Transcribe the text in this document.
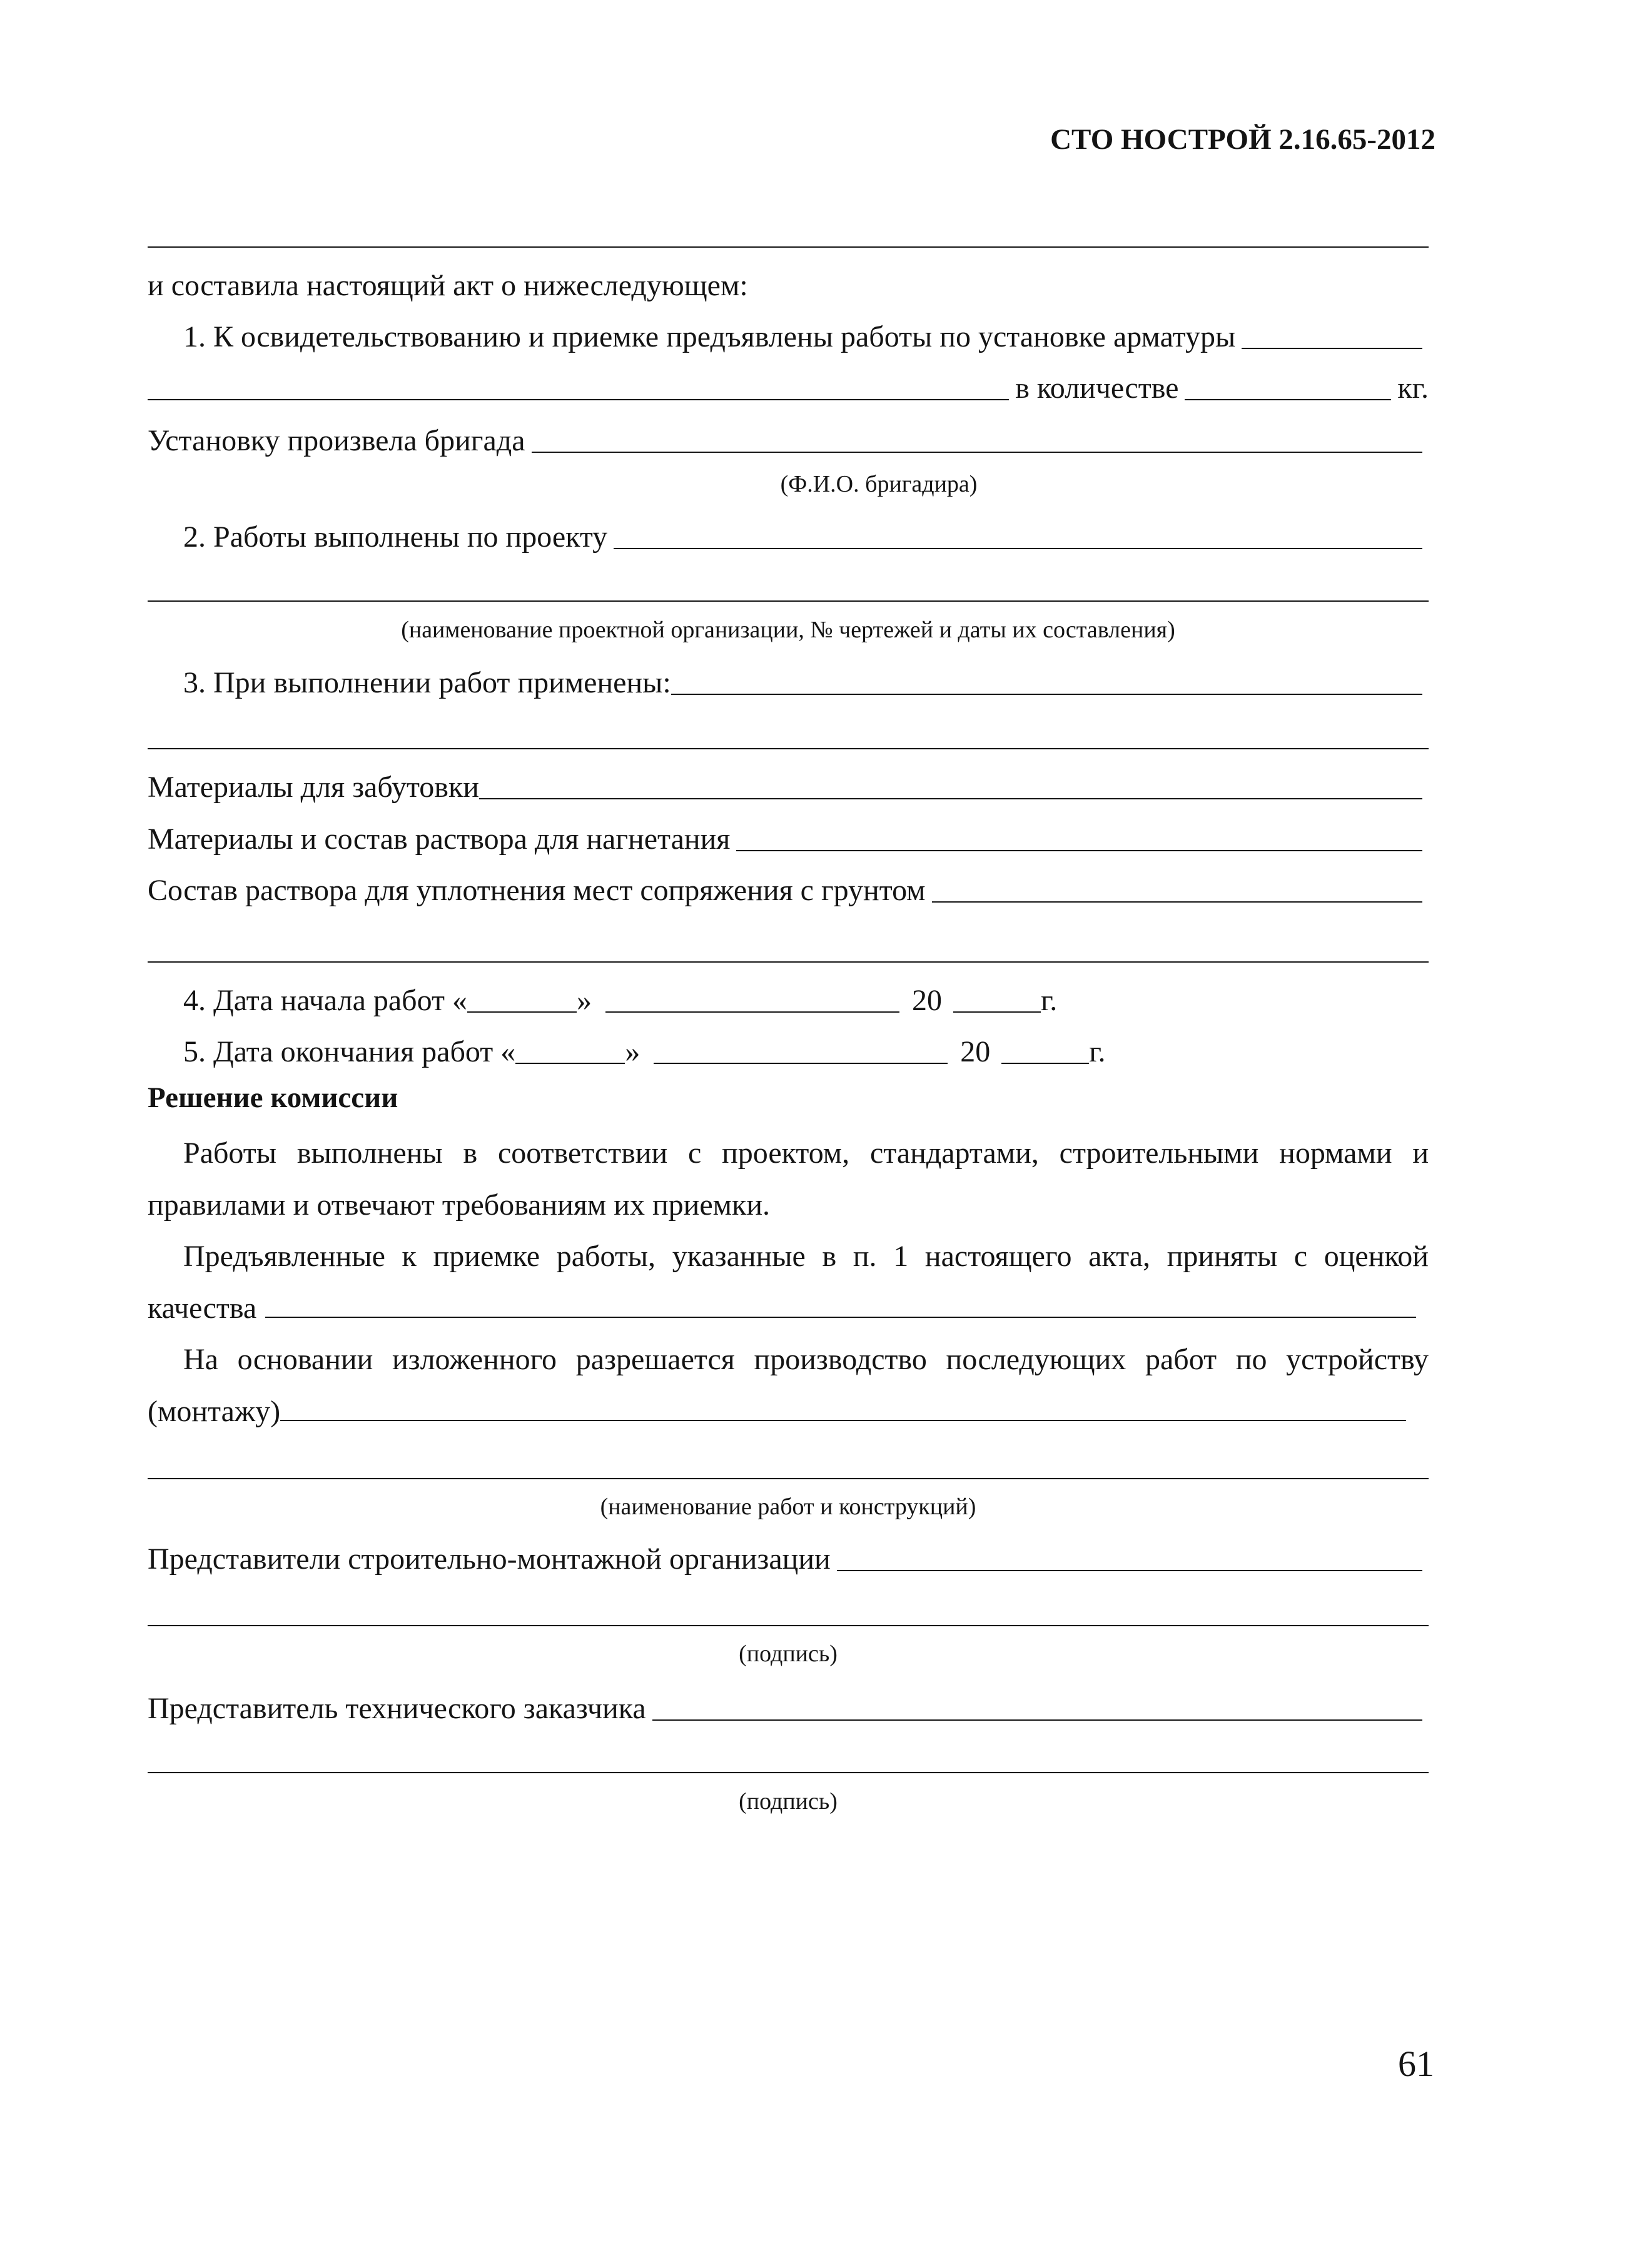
СТО НОСТРОЙ 2.16.65-2012
и составила настоящий акт о нижеследующем:
1. К освидетельствованию и приемке предъявлены работы по установке арматуры
в количестве	кг.
Установку произвела бригада
(Ф.И.О. бригадира)
2. Работы выполнены по проекту
(наименование проектной организации, № чертежей и даты их составления)
3. При выполнении работ применены:
Материалы для забутовки
Материалы и состав раствора для нагнетания
Состав раствора для уплотнения мест сопряжения с грунтом
4. Дата начала работ «	»	20	г.
5. Дата окончания работ «	»	20	г.
Решение комиссии
Работы выполнены в соответствии с проектом, стандартами, строительными нормами и правилами и отвечают требованиям их приемки.
Предъявленные к приемке работы, указанные в п. 1 настоящего акта, приняты с оценкой качества
На основании изложенного разрешается производство последующих работ по устройству (монтажу)
(наименование работ и конструкций)
Представители строительно-монтажной организации
(подпись)
Представитель технического заказчика
(подпись)
61
